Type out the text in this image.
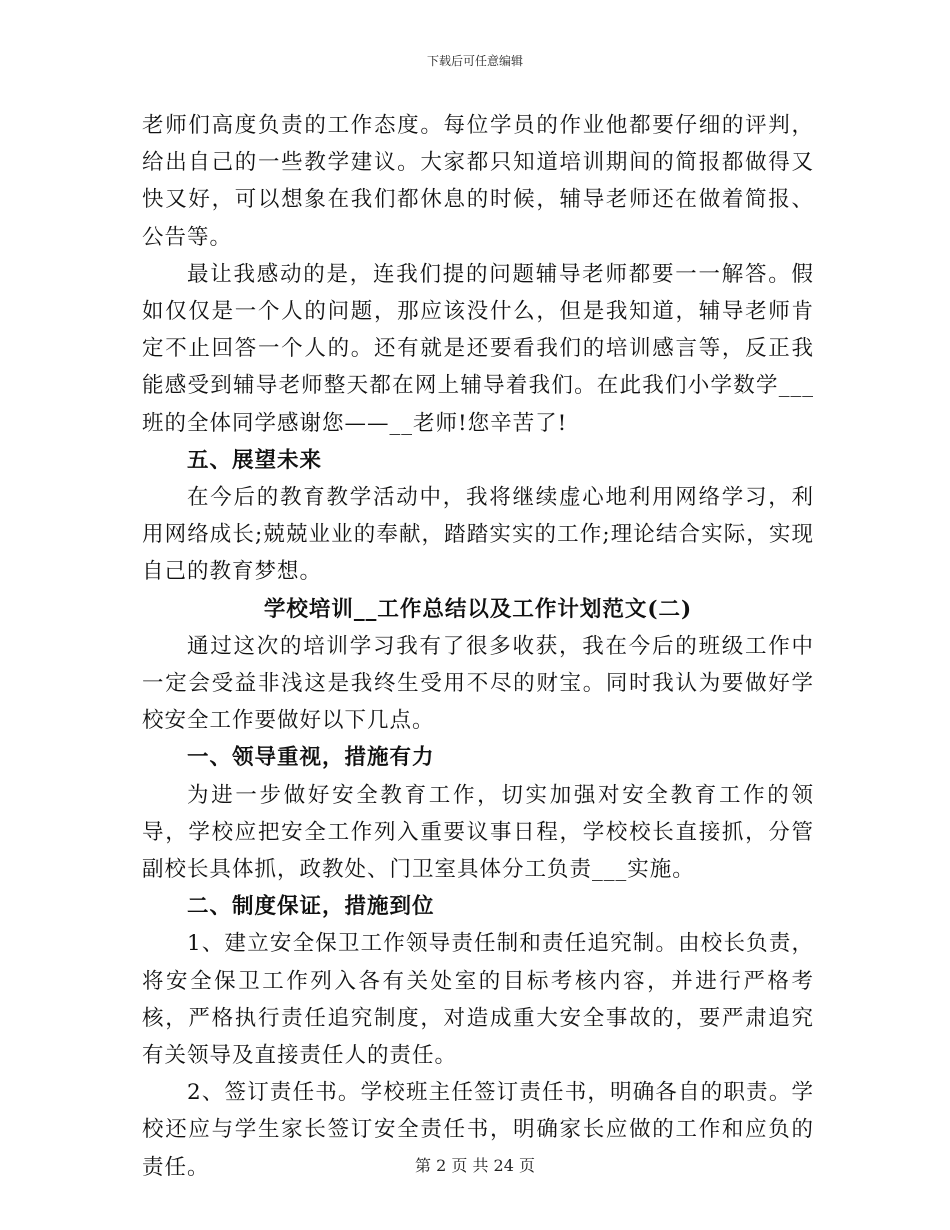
下载后可任意编辑

老师们高度负责的工作态度。每位学员的作业他都要仔细的评判，给出自己的一些教学建议。大家都只知道培训期间的简报都做得又快又好，可以想象在我们都休息的时候，辅导老师还在做着简报、公告等。

最让我感动的是，连我们提的问题辅导老师都要一一解答。假如仅仅是一个人的问题，那应该没什么，但是我知道，辅导老师肯定不止回答一个人的。还有就是还要看我们的培训感言等，反正我能感受到辅导老师整天都在网上辅导着我们。在此我们小学数学___班的全体同学感谢您——__老师!您辛苦了!

五、展望未来

在今后的教育教学活动中，我将继续虚心地利用网络学习，利用网络成长;兢兢业业的奉献，踏踏实实的工作;理论结合实际，实现自己的教育梦想。

学校培训__工作总结以及工作计划范文(二)

通过这次的培训学习我有了很多收获，我在今后的班级工作中一定会受益非浅这是我终生受用不尽的财宝。同时我认为要做好学校安全工作要做好以下几点。

一、领导重视，措施有力

为进一步做好安全教育工作，切实加强对安全教育工作的领导，学校应把安全工作列入重要议事日程，学校校长直接抓，分管副校长具体抓，政教处、门卫室具体分工负责___实施。

二、制度保证，措施到位

1、建立安全保卫工作领导责任制和责任追究制。由校长负责，将安全保卫工作列入各有关处室的目标考核内容，并进行严格考核，严格执行责任追究制度，对造成重大安全事故的，要严肃追究有关领导及直接责任人的责任。

2、签订责任书。学校班主任签订责任书，明确各自的职责。学校还应与学生家长签订安全责任书，明确家长应做的工作和应负的责任。	第 2 页 共 24 页
